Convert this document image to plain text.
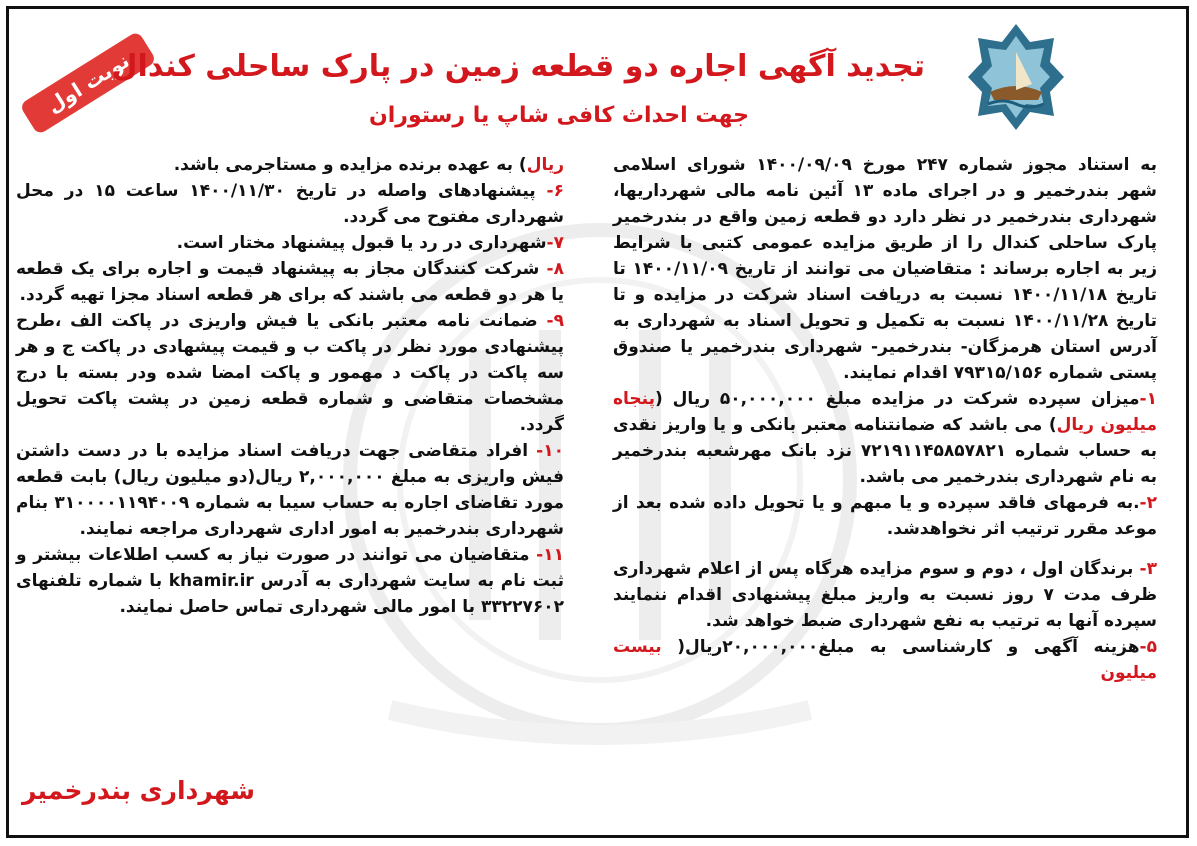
نوبت اول
تجدید آگهی اجاره دو قطعه زمین در پارک ساحلی کندال
جهت احداث کافی شاپ یا رستوران

به استناد مجوز شماره ۲۴۷ مورخ ۱۴۰۰/۰۹/۰۹ شورای اسلامی شهر بندرخمیر و در اجرای ماده ۱۳ آئین نامه مالی شهرداریها، شهرداری بندرخمیر در نظر دارد دو قطعه زمین واقع در بندرخمیر پارک ساحلی کندال را از طریق مزایده عمومی کتبی با شرایط زیر به اجاره برساند : متقاضیان می توانند از تاریخ ۱۴۰۰/۱۱/۰۹ تا تاریخ ۱۴۰۰/۱۱/۱۸ نسبت به دریافت اسناد شرکت در مزایده و تا تاریخ ۱۴۰۰/۱۱/۲۸ نسبت به تکمیل و تحویل اسناد به شهرداری به آدرس استان هرمزگان- بندرخمیر- شهرداری بندرخمیر یا صندوق پستی شماره ۷۹۳۱۵/۱۵۶ اقدام نمایند.

۱-میزان سپرده شرکت در مزایده مبلغ ۵۰,۰۰۰,۰۰۰ ریال (پنجاه میلیون ریال) می باشد که ضمانتنامه معتبر بانکی و یا واریز نقدی به حساب شماره ۷۲۱۹۱۱۴۵۸۵۷۸۲۱ نزد بانک مهرشعبه بندرخمیر به نام شهرداری بندرخمیر می باشد.

۲-.به فرمهای فاقد سپرده و یا مبهم و یا تحویل داده شده بعد از موعد مقرر ترتیب اثر نخواهدشد.

۳- برندگان اول ، دوم و سوم مزایده هرگاه پس از اعلام شهرداری ظرف مدت ۷ روز نسبت به واریز مبلغ پیشنهادی اقدام ننمایند سپرده آنها به ترتیب به نفع شهرداری ضبط خواهد شد.

۵-هزینه آگهی و کارشناسی به مبلغ۲۰,۰۰۰,۰۰۰ریال( بیست میلیون

ریال) به عهده برنده مزایده و مستاجرمی باشد.

۶- پیشنهادهای واصله در تاریخ ۱۴۰۰/۱۱/۳۰ ساعت ۱۵ در محل شهرداری مفتوح می گردد.

۷-شهرداری در رد یا قبول پیشنهاد مختار است.

۸- شرکت کنندگان مجاز به پیشنهاد قیمت و اجاره برای یک قطعه یا هر دو قطعه می باشند که برای هر قطعه اسناد مجزا تهیه گردد.

۹- ضمانت نامه معتبر بانکی یا فیش واریزی در پاکت الف ،طرح پیشنهادی مورد نظر در پاکت ب و قیمت پیشهادی در پاکت ج و هر سه پاکت در پاکت د مهمور و پاکت امضا شده ودر بسته با درج مشخصات متقاضی و شماره قطعه زمین در پشت پاکت تحویل گردد.

۱۰- افراد متقاضی جهت دریافت اسناد مزایده با در دست داشتن فیش واریزی به مبلغ ۲,۰۰۰,۰۰۰ ریال(دو میلیون ریال) بابت قطعه مورد تقاضای اجاره به حساب سیبا به شماره ۳۱۰۰۰۰۱۱۹۴۰۰۹ بنام شهرداری بندرخمیر به امور اداری شهرداری مراجعه نمایند.

۱۱- متقاضیان می توانند در صورت نیاز به کسب اطلاعات بیشتر و ثبت نام به سایت شهرداری به آدرس khamir.ir با شماره تلفنهای ۳۳۲۲۷۶۰۲ با امور مالی شهرداری تماس حاصل نمایند.

شهرداری بندرخمیر
